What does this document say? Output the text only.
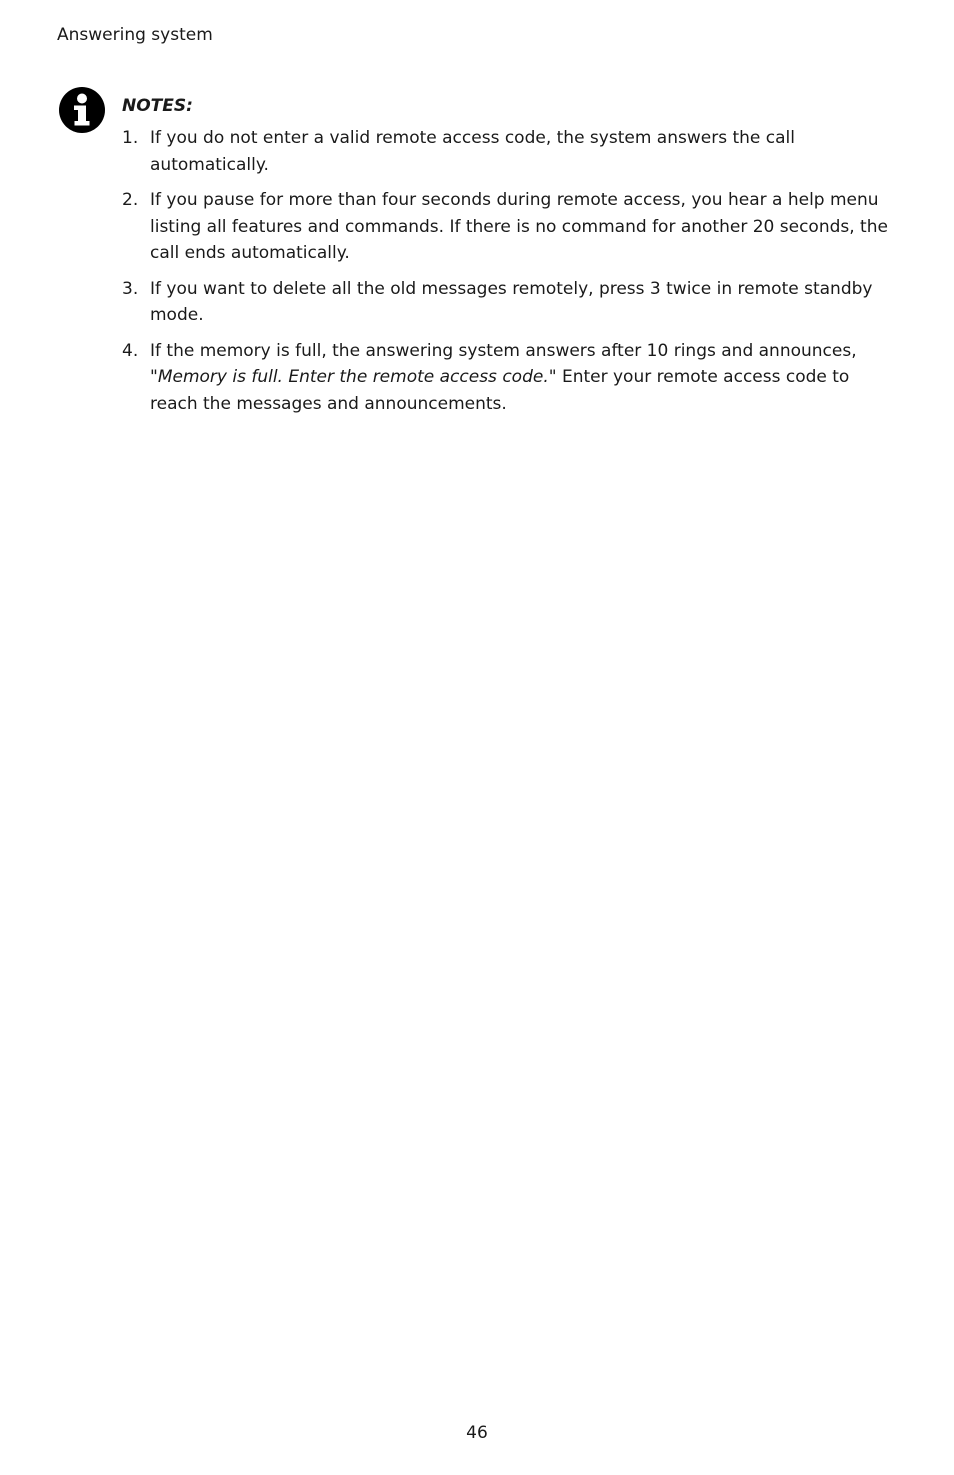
Answering system
NOTES:
1. If you do not enter a valid remote access code, the system answers the call automatically.
2. If you pause for more than four seconds during remote access, you hear a help menu listing all features and commands. If there is no command for another 20 seconds, the call ends automatically.
3. If you want to delete all the old messages remotely, press 3 twice in remote standby mode.
4. If the memory is full, the answering system answers after 10 rings and announces, "Memory is full. Enter the remote access code." Enter your remote access code to reach the messages and announcements.
46
